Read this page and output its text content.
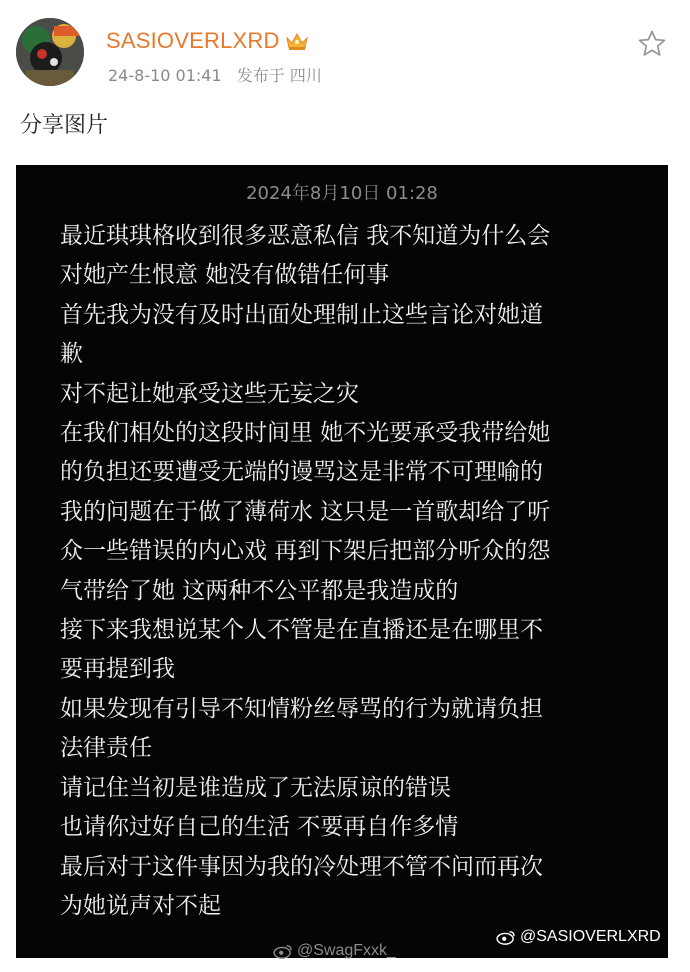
SASIOVERLXRD
24-8-10 01:41 发布于 四川
分享图片
2024年8月10日 01:28
最近琪琪格收到很多恶意私信 我不知道为什么会
对她产生恨意 她没有做错任何事
首先我为没有及时出面处理制止这些言论对她道
歉
对不起让她承受这些无妄之灾
在我们相处的这段时间里 她不光要承受我带给她
的负担还要遭受无端的谩骂这是非常不可理喻的
我的问题在于做了薄荷水 这只是一首歌却给了听
众一些错误的内心戏 再到下架后把部分听众的怨
气带给了她 这两种不公平都是我造成的
接下来我想说某个人不管是在直播还是在哪里不
要再提到我
如果发现有引导不知情粉丝辱骂的行为就请负担
法律责任
请记住当初是谁造成了无法原谅的错误
也请你过好自己的生活 不要再自作多情
最后对于这件事因为我的冷处理不管不问而再次
为她说声对不起
@SASIOVERLXRD
@SwagFxxk_
